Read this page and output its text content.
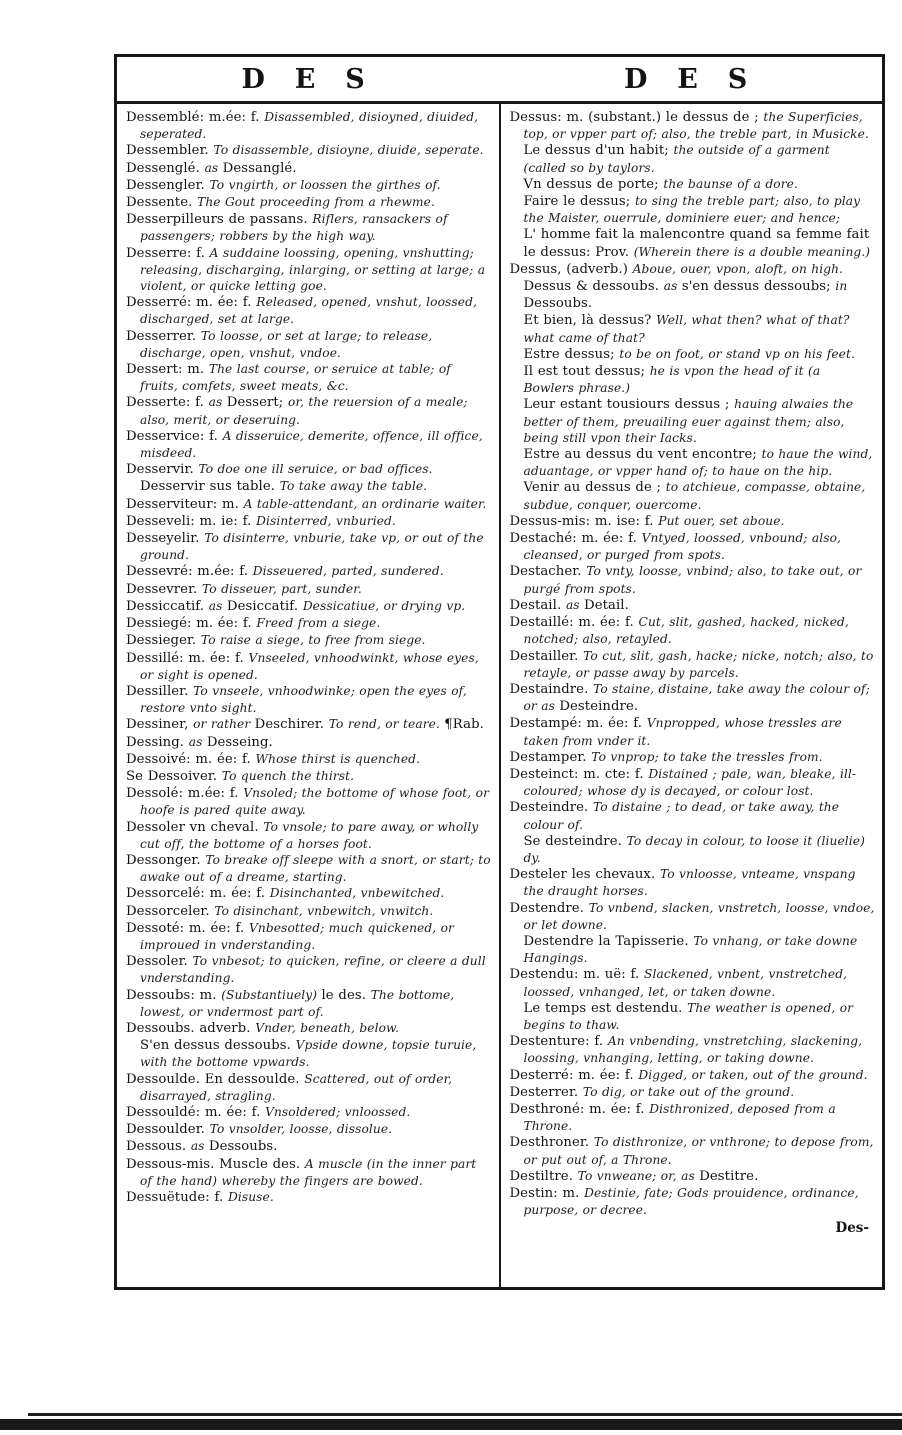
D E S	D E S

Dessemblé: m.ée: f. Disassembled, disioyned, diuided, seperated.

Dessembler. To disassemble, disioyne, diuide, seperate.

Dessenglé. as Dessanglé.

Dessengler. To vngirth, or loossen the girthes of.

Dessente. The Gout proceeding from a rhewme.

Desserpilleurs de passans. Riflers, ransackers of passengers; robbers by the high way.

Desserre: f. A suddaine loossing, opening, vnshutting; releasing, discharging, inlarging, or setting at large; a violent, or quicke letting goe.

Desserré: m. ée: f. Released, opened, vnshut, loossed, discharged, set at large.

Desserrer. To loosse, or set at large; to release, discharge, open, vnshut, vndoe.

Dessert: m. The last course, or seruice at table; of fruits, comfets, sweet meats, &c.

Desserte: f. as Dessert; or, the reuersion of a meale; also, merit, or deseruing.

Desservice: f. A disseruice, demerite, offence, ill office, misdeed.

Desservir. To doe one ill seruice, or bad offices.

Desservir sus table. To take away the table.

Desserviteur: m. A table-attendant, an ordinarie waiter.

Desseveli: m. ie: f. Disinterred, vnburied.

Desseyelir. To disinterre, vnburie, take vp, or out of the ground.

Dessevré: m.ée: f. Disseuered, parted, sundered.

Dessevrer. To disseuer, part, sunder.

Dessiccatif. as Desiccatif. Dessicatiue, or drying vp.

Dessiegé: m. ée: f. Freed from a siege.

Dessieger. To raise a siege, to free from siege.

Dessillé: m. ée: f. Vnseeled, vnhoodwinkt, whose eyes, or sight is opened.

Dessiller. To vnseele, vnhoodwinke; open the eyes of, restore vnto sight.

Dessiner, or rather Deschirer. To rend, or teare. ¶Rab.

Dessing. as Desseing.

Dessoivé: m. ée: f. Whose thirst is quenched.

Se Dessoiver. To quench the thirst.

Dessolé: m.ée: f. Vnsoled; the bottome of whose foot, or hoofe is pared quite away.

Dessoler vn cheval. To vnsole; to pare away, or wholly cut off, the bottome of a horses foot.

Dessonger. To breake off sleepe with a snort, or start; to awake out of a dreame, starting.

Dessorcelé: m. ée: f. Disinchanted, vnbewitched.

Dessorceler. To disinchant, vnbewitch, vnwitch.

Dessoté: m. ée: f. Vnbesotted; much quickened, or improued in vnderstanding.

Dessoler. To vnbesot; to quicken, refine, or cleere a dull vnderstanding.

Dessoubs: m. (Substantiuely) le des. The bottome, lowest, or vndermost part of.

Dessoubs. adverb. Vnder, beneath, below.

S'en dessus dessoubs. Vpside downe, topsie turuie, with the bottome vpwards.

Dessoulde. En dessoulde. Scattered, out of order, disarrayed, stragling.

Dessouldé: m. ée: f. Vnsoldered; vnloossed.

Dessoulder. To vnsolder, loosse, dissolue.

Dessous. as Dessoubs.

Dessous-mis. Muscle des. A muscle (in the inner part of the hand) whereby the fingers are bowed.

Dessuëtude: f. Disuse.

Dessus: m. (substant.) le dessus de ; the Superficies, top, or vpper part of; also, the treble part, in Musicke.

Le dessus d'un habit; the outside of a garment (called so by taylors.

Vn dessus de porte; the baunse of a dore.

Faire le dessus; to sing the treble part; also, to play the Maister, ouerrule, dominiere euer; and hence;

L' homme fait la malencontre quand sa femme fait le dessus: Prov. (Wherein there is a double meaning.)

Dessus, (adverb.) Aboue, ouer, vpon, aloft, on high.

Dessus & dessoubs. as s'en dessus dessoubs; in Dessoubs.

Et bien, là dessus? Well, what then? what of that? what came of that?

Estre dessus; to be on foot, or stand vp on his feet.

Il est tout dessus; he is vpon the head of it (a Bowlers phrase.)

Leur estant tousiours dessus ; hauing alwaies the better of them, preuailing euer against them; also, being still vpon their Iacks.

Estre au dessus du vent encontre; to haue the wind, aduantage, or vpper hand of; to haue on the hip.

Venir au dessus de ; to atchieue, compasse, obtaine, subdue, conquer, ouercome.

Dessus-mis: m. ise: f. Put ouer, set aboue.

Destaché: m. ée: f. Vntyed, loossed, vnbound; also, cleansed, or purged from spots.

Destacher. To vnty, loosse, vnbind; also, to take out, or purgé from spots.

Destail. as Detail.

Destaillé: m. ée: f. Cut, slit, gashed, hacked, nicked, notched; also, retayled.

Destailler. To cut, slit, gash, hacke; nicke, notch; also, to retayle, or passe away by parcels.

Destaindre. To staine, distaine, take away the colour of; or as Desteindre.

Destampé: m. ée: f. Vnpropped, whose tressles are taken from vnder it.

Destamper. To vnprop; to take the tressles from.

Desteinct: m. cte: f. Distained ; pale, wan, bleake, ill-coloured; whose dy is decayed, or colour lost.

Desteindre. To distaine ; to dead, or take away, the colour of.

Se desteindre. To decay in colour, to loose it (liuelie) dy.

Desteler les chevaux. To vnloosse, vnteame, vnspang the draught horses.

Destendre. To vnbend, slacken, vnstretch, loosse, vndoe, or let downe.

Destendre la Tapisserie. To vnhang, or take downe Hangings.

Destendu: m. uë: f. Slackened, vnbent, vnstretched, loossed, vnhanged, let, or taken downe.

Le temps est destendu. The weather is opened, or begins to thaw.

Destenture: f. An vnbending, vnstretching, slackening, loossing, vnhanging, letting, or taking downe.

Desterré: m. ée: f. Digged, or taken, out of the ground.

Desterrer. To dig, or take out of the ground.

Desthroné: m. ée: f. Disthronized, deposed from a Throne.

Desthroner. To disthronize, or vnthrone; to depose from, or put out of, a Throne.

Destiltre. To vnweane; or, as Destitre.

Destin: m. Destinie, fate; Gods prouidence, ordinance, purpose, or decree.

Des-
